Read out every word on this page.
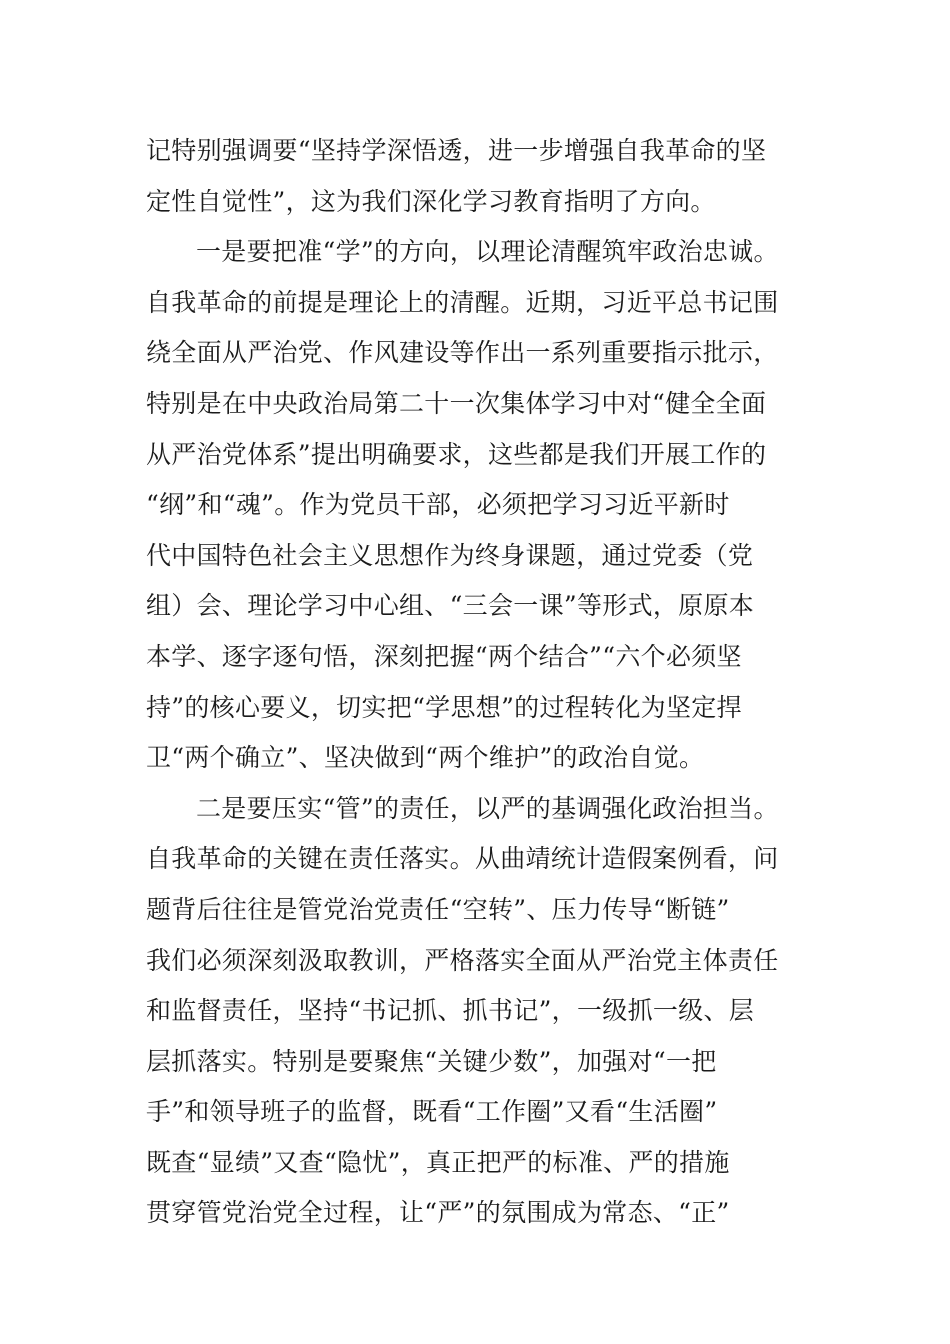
记特别强调要“坚持学深悟透，进一步增强自我革命的坚
定性自觉性”，这为我们深化学习教育指明了方向。
一是要把准“学”的方向，以理论清醒筑牢政治忠诚。
自我革命的前提是理论上的清醒。近期，习近平总书记围
绕全面从严治党、作风建设等作出一系列重要指示批示，
特别是在中央政治局第二十一次集体学习中对“健全全面
从严治党体系”提出明确要求，这些都是我们开展工作的
“纲”和“魂”。作为党员干部，必须把学习习近平新时
代中国特色社会主义思想作为终身课题，通过党委（党
组）会、理论学习中心组、“三会一课”等形式，原原本
本学、逐字逐句悟，深刻把握“两个结合”“六个必须坚
持”的核心要义，切实把“学思想”的过程转化为坚定捍
卫“两个确立”、坚决做到“两个维护”的政治自觉。
二是要压实“管”的责任，以严的基调强化政治担当。
自我革命的关键在责任落实。从曲靖统计造假案例看，问
题背后往往是管党治党责任“空转”、压力传导“断链”
我们必须深刻汲取教训，严格落实全面从严治党主体责任
和监督责任，坚持“书记抓、抓书记”，一级抓一级、层
层抓落实。特别是要聚焦“关键少数”，加强对“一把
手”和领导班子的监督，既看“工作圈”又看“生活圈”
既查“显绩”又查“隐忧”，真正把严的标准、严的措施
贯穿管党治党全过程，让“严”的氛围成为常态、“正”
